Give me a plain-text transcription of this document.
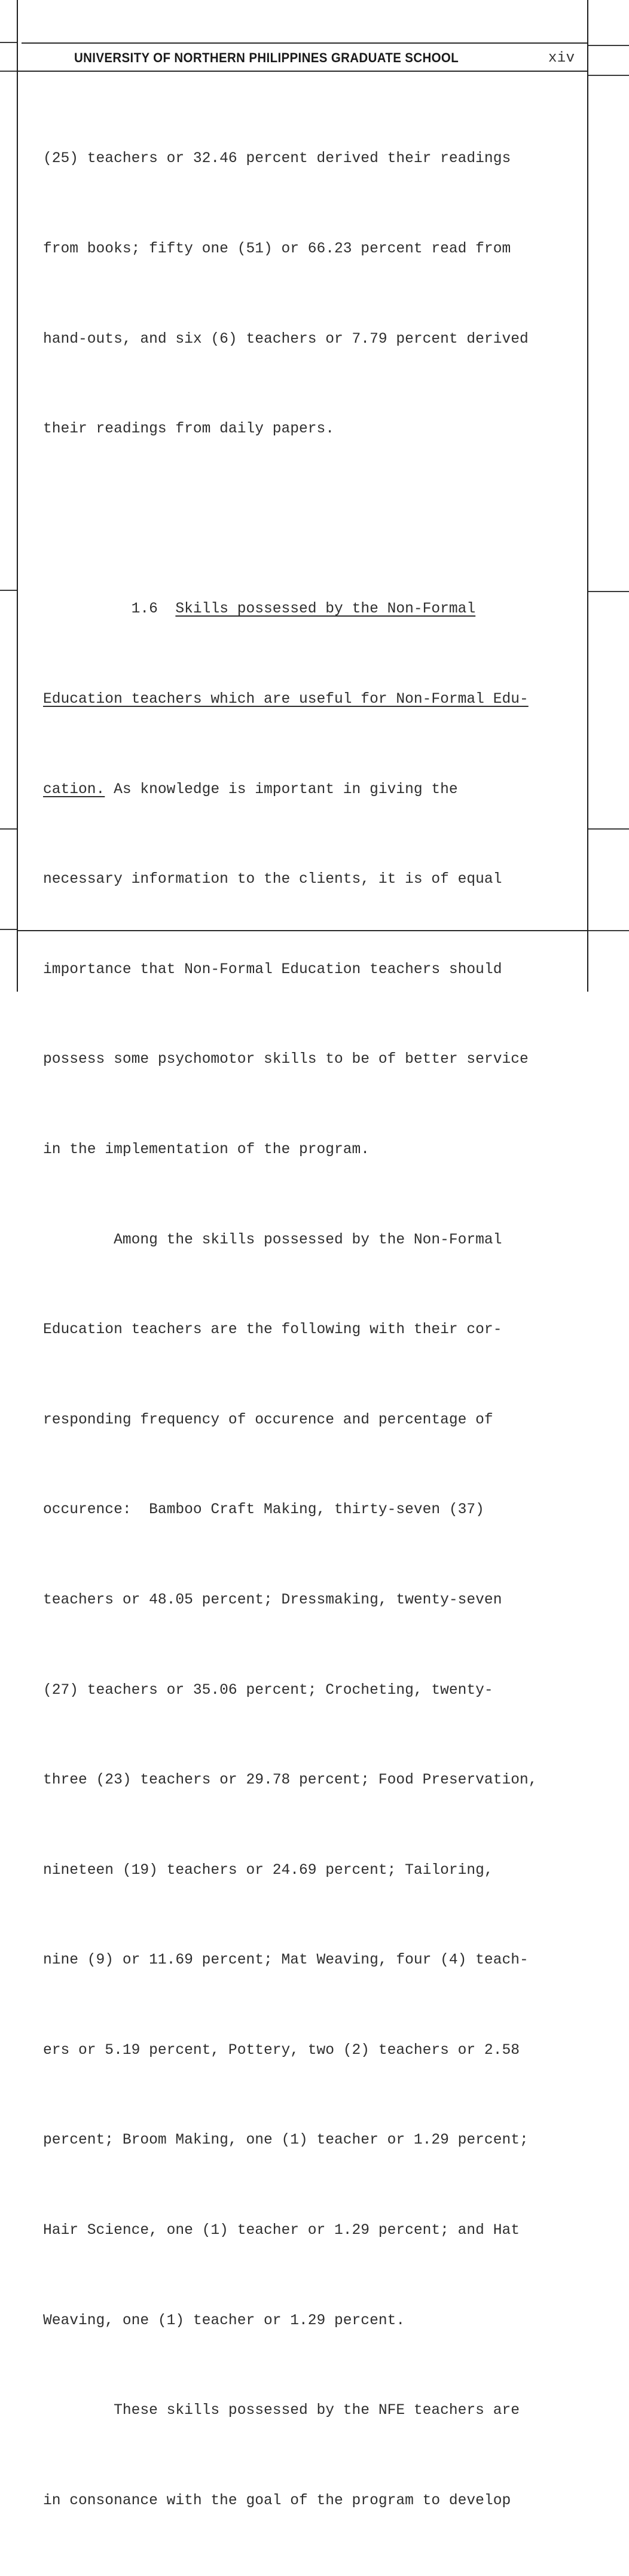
UNIVERSITY OF NORTHERN PHILIPPINES GRADUATE SCHOOL	xiv

(25) teachers or 32.46 percent derived their readings

from books; fifty one (51) or 66.23 percent read from

hand-outs, and six (6) teachers or 7.79 percent derived

their readings from daily papers.

1.6 Skills possessed by the Non-Formal

Education teachers which are useful for Non-Formal Edu-

cation. As knowledge is important in giving the

necessary information to the clients, it is of equal

importance that Non-Formal Education teachers should

possess some psychomotor skills to be of better service

in the implementation of the program.

Among the skills possessed by the Non-Formal

Education teachers are the following with their cor-

responding frequency of occurence and percentage of

occurence:  Bamboo Craft Making, thirty-seven (37)

teachers or 48.05 percent; Dressmaking, twenty-seven

(27) teachers or 35.06 percent; Crocheting, twenty-

three (23) teachers or 29.78 percent; Food Preservation,

nineteen (19) teachers or 24.69 percent; Tailoring,

nine (9) or 11.69 percent; Mat Weaving, four (4) teach-

ers or 5.19 percent, Pottery, two (2) teachers or 2.58

percent; Broom Making, one (1) teacher or 1.29 percent;

Hair Science, one (1) teacher or 1.29 percent; and Hat

Weaving, one (1) teacher or 1.29 percent.

These skills possessed by the NFE teachers are

in consonance with the goal of the program to develop
